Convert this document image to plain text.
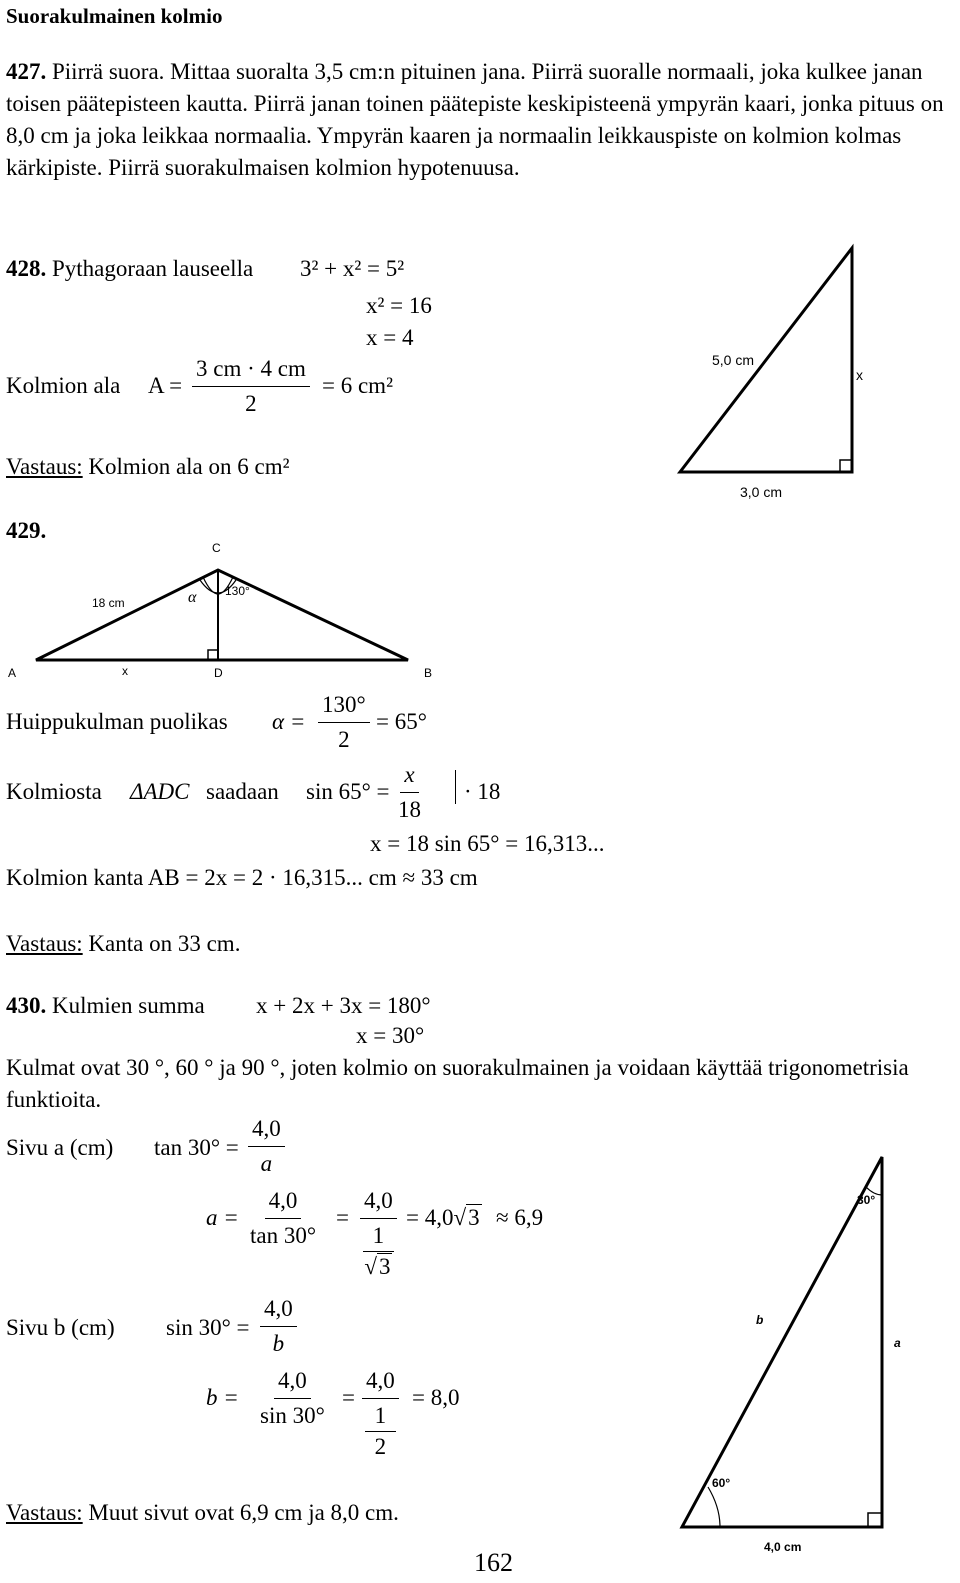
Suorakulmainen kolmio
427. Piirrä suora. Mittaa suoralta 3,5 cm:n pituinen jana. Piirrä suoralle normaali, joka kulkee janan toisen päätepisteen kautta. Piirrä janan toinen päätepiste keskipisteenä ympyrän kaari, jonka pituus on 8,0 cm ja joka leikkaa normaalia. Ympyrän kaaren ja normaalin leikkauspiste on kolmion kolmas kärkipiste. Piirrä suorakulmaisen kolmion hypotenuusa.
428. Pythagoraan lauseella 3² + x² = 5²
x² = 16
x = 4
Kolmion ala $A = \frac{3 cm \cdot 4 cm}{2} = 6$ cm²
Vastaus: Kolmion ala on 6 cm²
5,0 cm
x
3,0 cm
429.
C
18 cm	α 130°
A	x	D	B
Huippukulman puolikas $\alpha = \frac{130^\circ}{2} = 65^\circ$
Kolmiosta ΔADC saadaan $\sin 65^\circ = \frac{x}{18} \cdot 18$
x = 18 sin 65° = 16,313...
Kolmion kanta AB = 2x = 2 · 16,315... cm ≈ 33 cm
Vastaus: Kanta on 33 cm.
430. Kulmien summa x + 2x + 3x = 180°
x = 30°
Kulmat ovat 30 °, 60 ° ja 90 °, joten kolmio on suorakulmainen ja voidaan käyttää trigonometrisia funktioita.
Sivu a (cm) $\tan 30^\circ = \frac{4,0}{a}$
$a = \frac{4,0}{\tan 30^\circ} = \frac{4,0}{\frac{1}{√3}} = 4,0√3 \approx 6,9$
Sivu b (cm) $\sin 30^\circ = \frac{4,0}{b}$
$b = \frac{4,0}{\sin 30^\circ} = \frac{4,0}{\frac{1}{2}} = 8,0$
Vastaus: Muut sivut ovat 6,9 cm ja 8,0 cm.
30°
60°
b
a
4,0 cm
162
